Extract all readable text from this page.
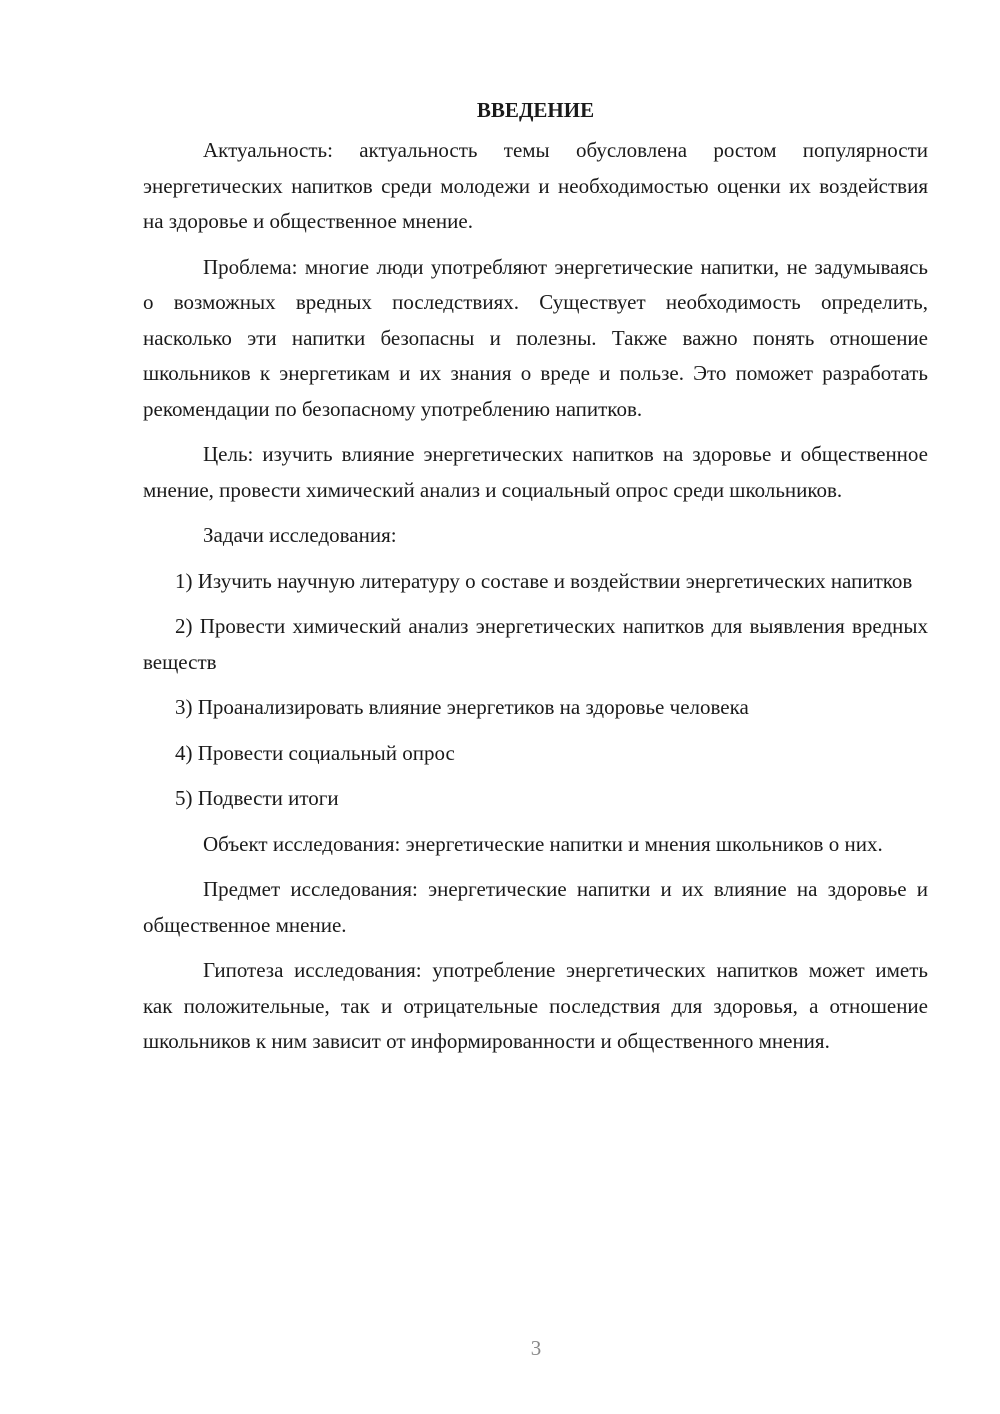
ВВЕДЕНИЕ

Актуальность: актуальность темы обусловлена ростом популярности энергетических напитков среди молодежи и необходимостью оценки их воздействия на здоровье и общественное мнение.

Проблема: многие люди употребляют энергетические напитки, не задумываясь о возможных вредных последствиях. Существует необходимость определить, насколько эти напитки безопасны и полезны. Также важно понять отношение школьников к энергетикам и их знания о вреде и пользе. Это поможет разработать рекомендации по безопасному употреблению напитков.

Цель: изучить влияние энергетических напитков на здоровье и общественное мнение, провести химический анализ и социальный опрос среди школьников.

Задачи исследования:

1) Изучить научную литературу о составе и воздействии энергетических напитков

2) Провести химический анализ энергетических напитков для выявления вредных веществ

3) Проанализировать влияние энергетиков на здоровье человека

4) Провести социальный опрос

5) Подвести итоги

Объект исследования: энергетические напитки и мнения школьников о них.

Предмет исследования: энергетические напитки и их влияние на здоровье и общественное мнение.

Гипотеза исследования: употребление энергетических напитков может иметь как положительные, так и отрицательные последствия для здоровья, а отношение школьников к ним зависит от информированности и общественного мнения.

3
